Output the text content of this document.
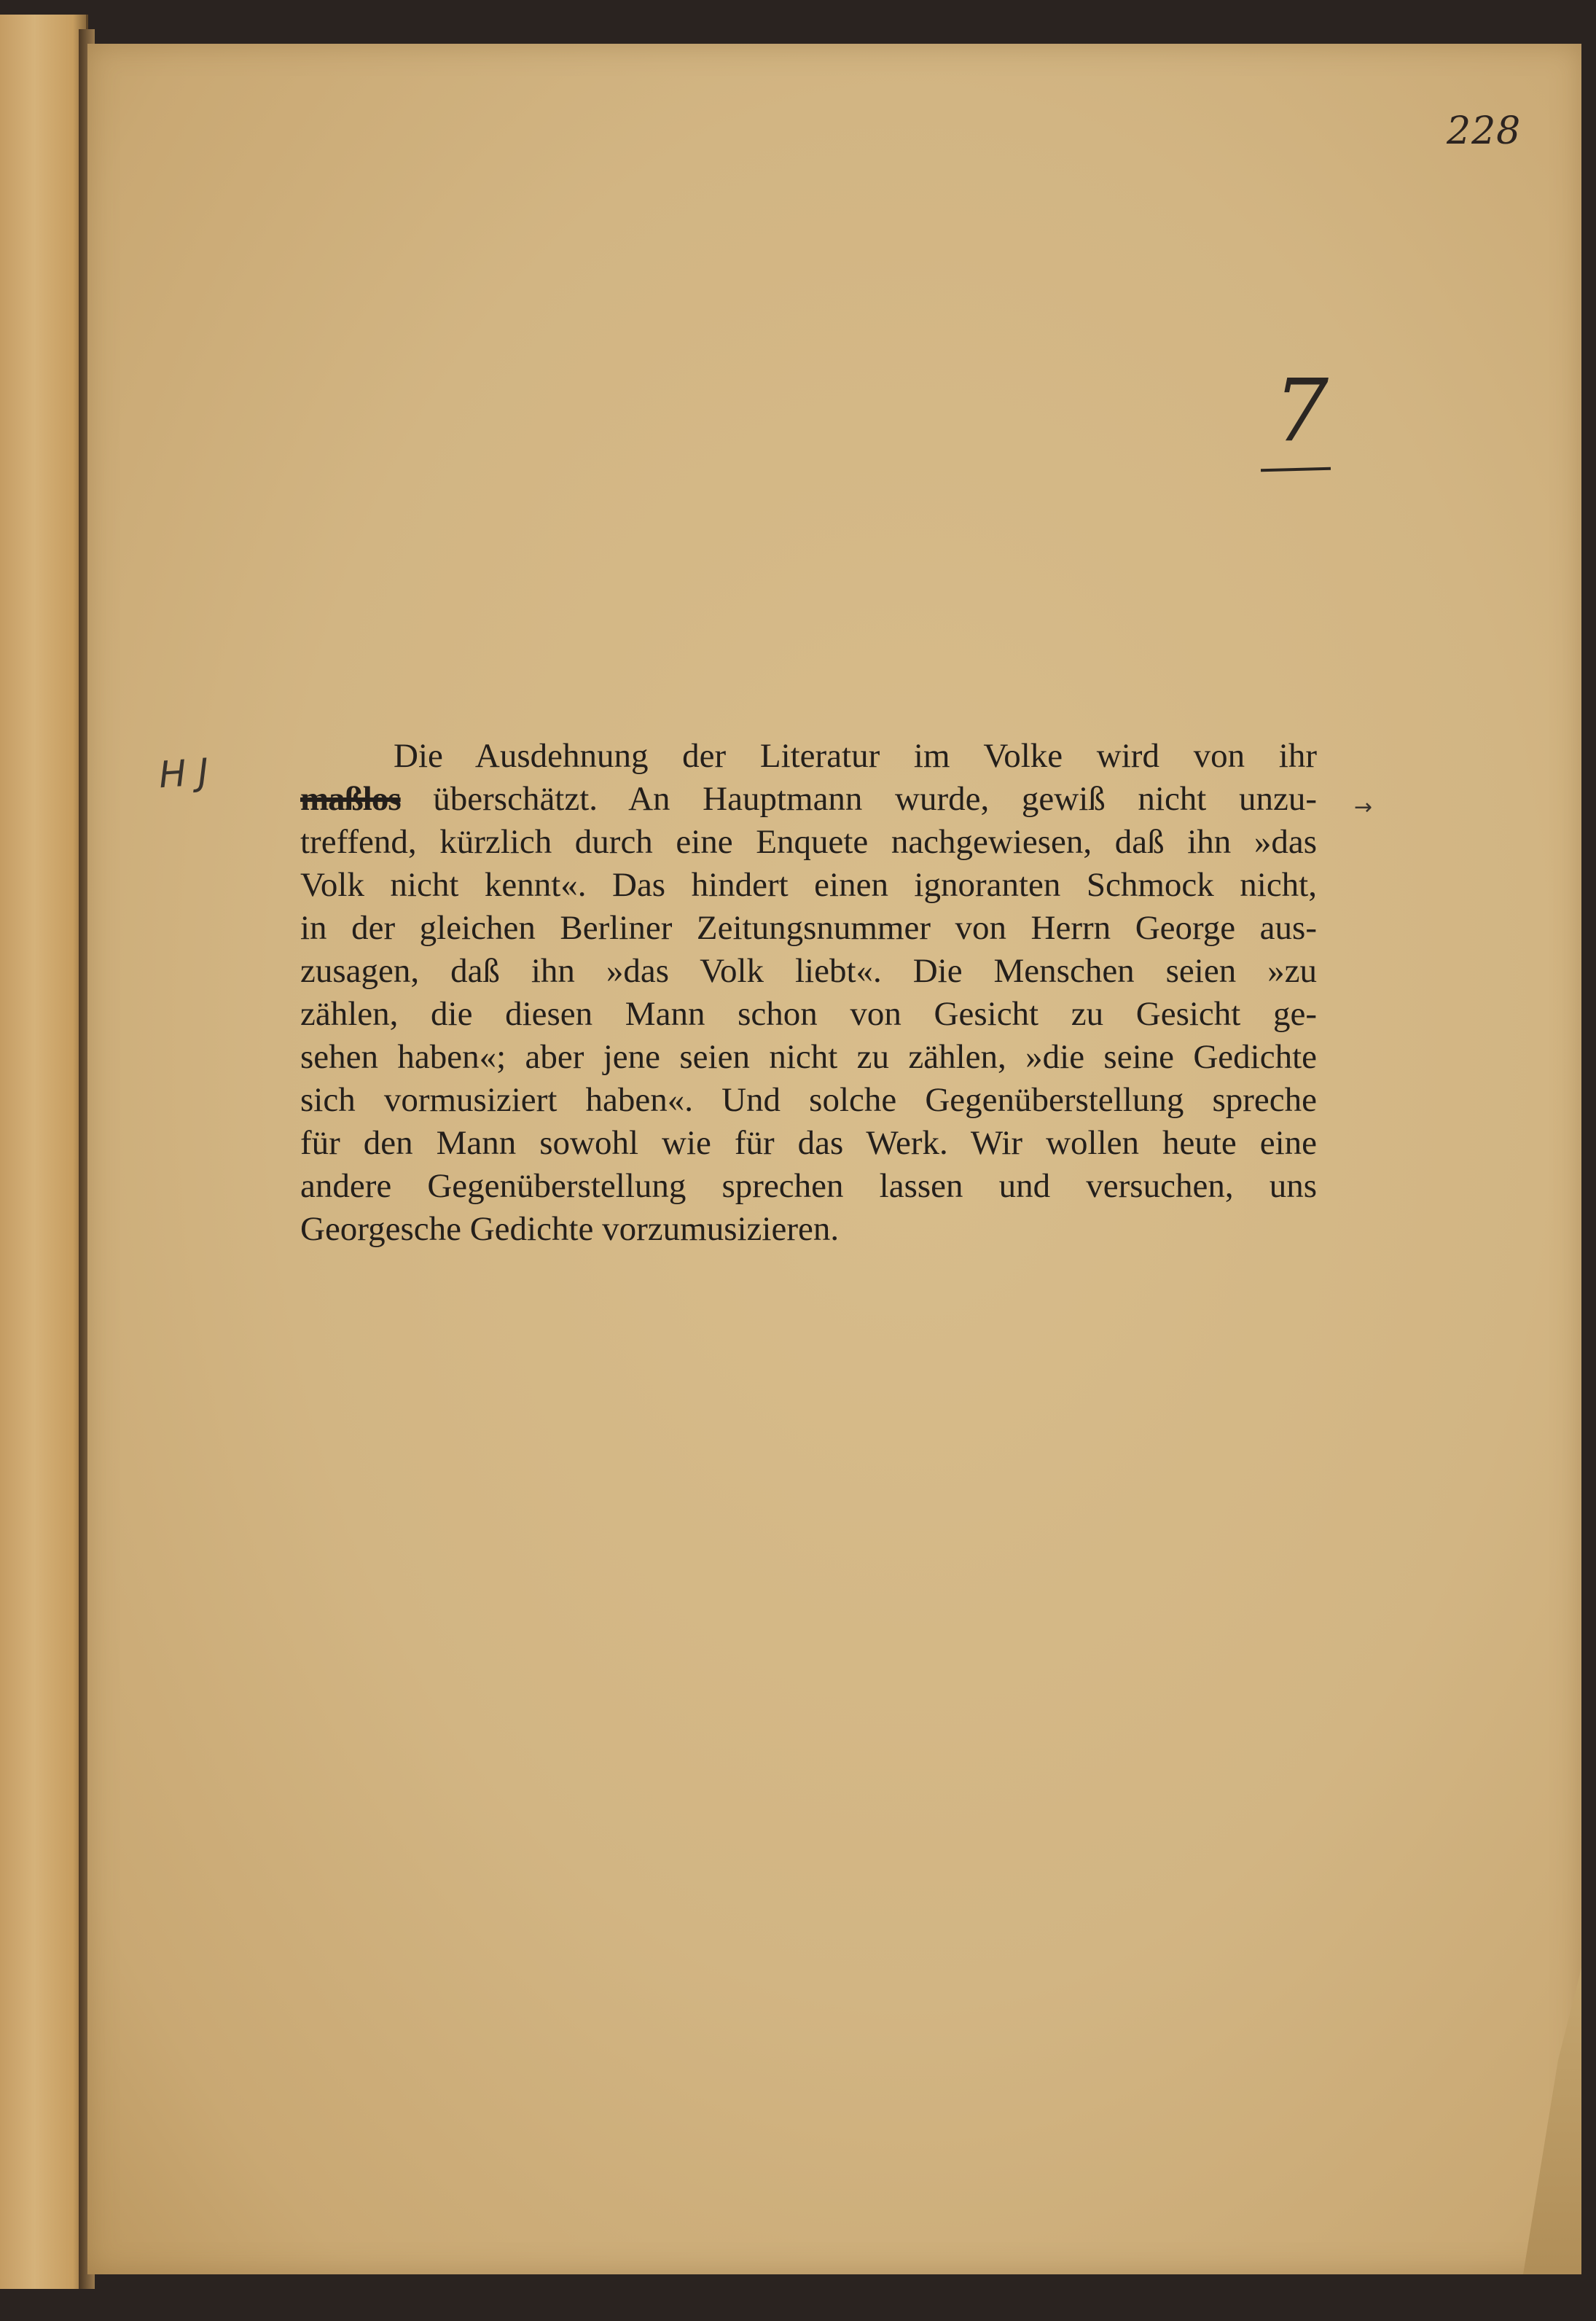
228
7
H J
→
Die Ausdehnung der Literatur im Volke wird von ihr
maßlos überschätzt. An Hauptmann wurde, gewiß nicht unzu-
treffend, kürzlich durch eine Enquete nachgewiesen, daß ihn »das
Volk nicht kennt«. Das hindert einen ignoranten Schmock nicht,
in der gleichen Berliner Zeitungsnummer von Herrn George aus-
zusagen, daß ihn »das Volk liebt«. Die Menschen seien »zu
zählen, die diesen Mann schon von Gesicht zu Gesicht ge-
sehen haben«; aber jene seien nicht zu zählen, »die seine Gedichte
sich vormusiziert haben«. Und solche Gegenüberstellung spreche
für den Mann sowohl wie für das Werk. Wir wollen heute eine
andere Gegenüberstellung sprechen lassen und versuchen, uns
Georgesche Gedichte vorzumusizieren.
